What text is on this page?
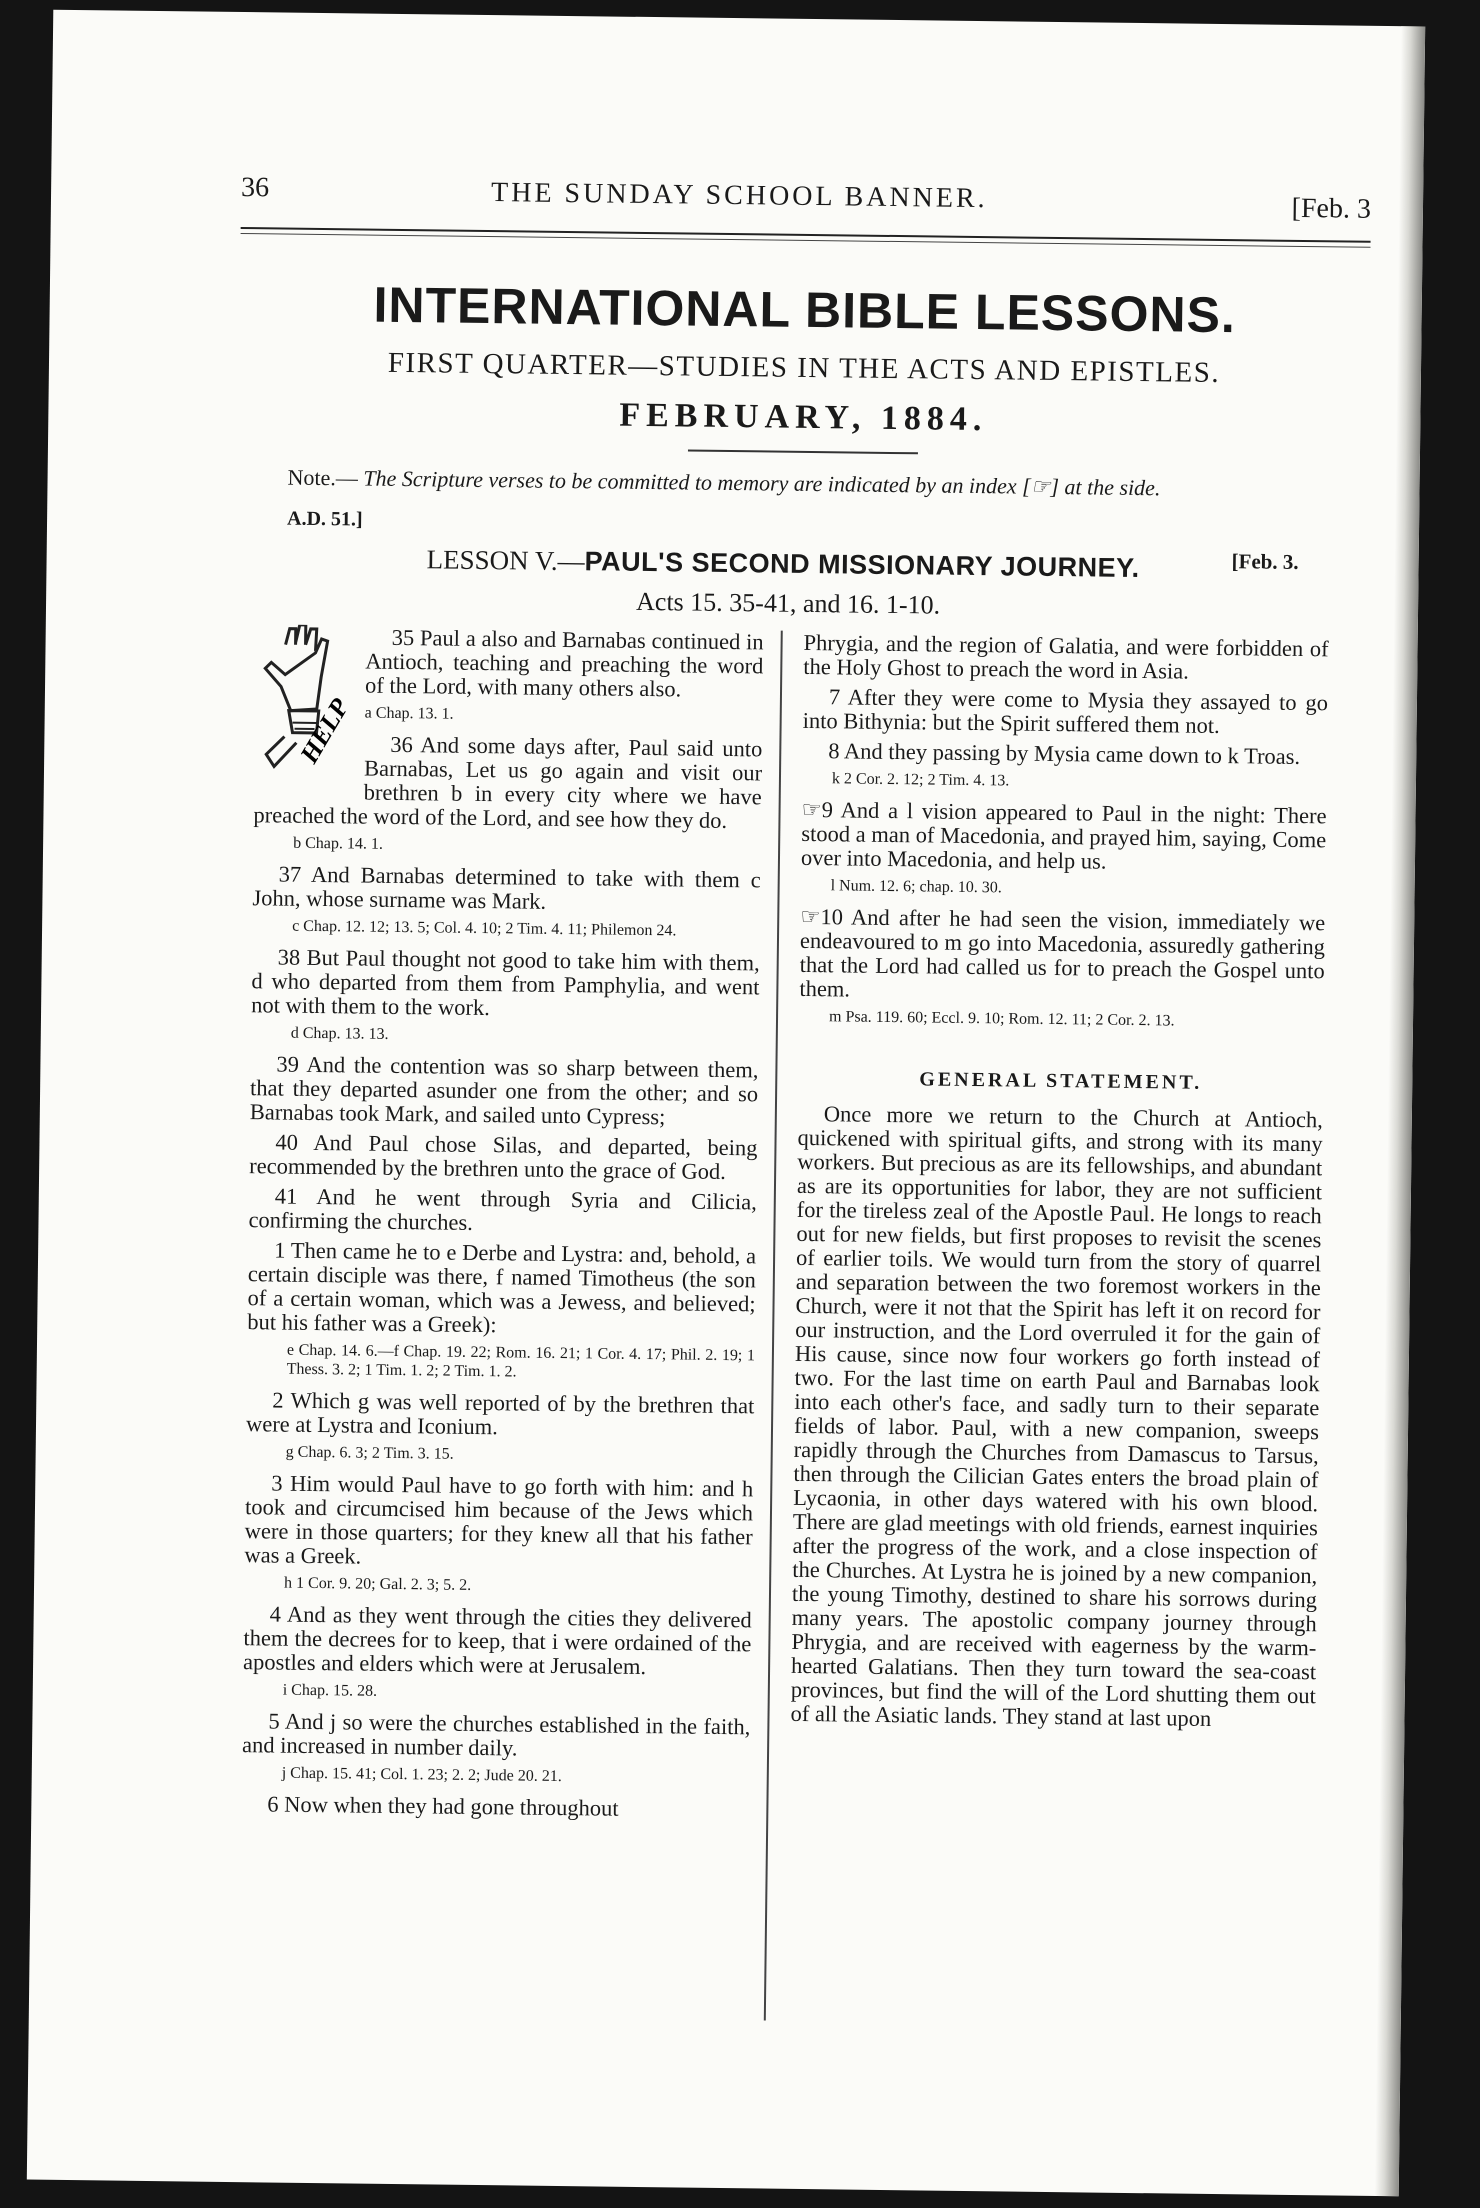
36	THE SUNDAY SCHOOL BANNER.	[Feb. 3
INTERNATIONAL BIBLE LESSONS.
FIRST QUARTER—STUDIES IN THE ACTS AND EPISTLES.
FEBRUARY, 1884.
Note.— The Scripture verses to be committed to memory are indicated by an index [☞] at the side.
A.D. 51.]
LESSON V.—PAUL'S SECOND MISSIONARY JOURNEY.	[Feb. 3.
Acts 15. 35-41, and 16. 1-10.
HELP

35 Paul a also and Barnabas continued in Antioch, teaching and preaching the word of the Lord, with many others also.

a Chap. 13. 1.

36 And some days after, Paul said unto Barnabas, Let us go again and visit our brethren b in every city where we have preached the word of the Lord, and see how they do.

b Chap. 14. 1.

37 And Barnabas determined to take with them c John, whose surname was Mark.

c Chap. 12. 12; 13. 5; Col. 4. 10; 2 Tim. 4. 11; Philemon 24.

38 But Paul thought not good to take him with them, d who departed from them from Pamphylia, and went not with them to the work.

d Chap. 13. 13.

39 And the contention was so sharp between them, that they departed asunder one from the other; and so Barnabas took Mark, and sailed unto Cypress;

40 And Paul chose Silas, and departed, being recommended by the brethren unto the grace of God.

41 And he went through Syria and Cilicia, confirming the churches.

1 Then came he to e Derbe and Lystra: and, behold, a certain disciple was there, f named Timotheus (the son of a certain woman, which was a Jewess, and believed; but his father was a Greek):

e Chap. 14. 6.—f Chap. 19. 22; Rom. 16. 21; 1 Cor. 4. 17; Phil. 2. 19; 1 Thess. 3. 2; 1 Tim. 1. 2; 2 Tim. 1. 2.

2 Which g was well reported of by the brethren that were at Lystra and Iconium.

g Chap. 6. 3; 2 Tim. 3. 15.

3 Him would Paul have to go forth with him: and h took and circumcised him because of the Jews which were in those quarters; for they knew all that his father was a Greek.

h 1 Cor. 9. 20; Gal. 2. 3; 5. 2.

4 And as they went through the cities they delivered them the decrees for to keep, that i were ordained of the apostles and elders which were at Jerusalem.

i Chap. 15. 28.

5 And j so were the churches established in the faith, and increased in number daily.

j Chap. 15. 41; Col. 1. 23; 2. 2; Jude 20. 21.

6 Now when they had gone throughout

Phrygia, and the region of Galatia, and were forbidden of the Holy Ghost to preach the word in Asia.

7 After they were come to Mysia they assayed to go into Bithynia: but the Spirit suffered them not.

8 And they passing by Mysia came down to k Troas.

k 2 Cor. 2. 12; 2 Tim. 4. 13.

☞9 And a l vision appeared to Paul in the night: There stood a man of Macedonia, and prayed him, saying, Come over into Macedonia, and help us.

l Num. 12. 6; chap. 10. 30.

☞10 And after he had seen the vision, immediately we endeavoured to m go into Macedonia, assuredly gathering that the Lord had called us for to preach the Gospel unto them.

m Psa. 119. 60; Eccl. 9. 10; Rom. 12. 11; 2 Cor. 2. 13.

GENERAL STATEMENT.

Once more we return to the Church at Antioch, quickened with spiritual gifts, and strong with its many workers. But precious as are its fellowships, and abundant as are its opportunities for labor, they are not sufficient for the tireless zeal of the Apostle Paul. He longs to reach out for new fields, but first proposes to revisit the scenes of earlier toils. We would turn from the story of quarrel and separation between the two foremost workers in the Church, were it not that the Spirit has left it on record for our instruction, and the Lord overruled it for the gain of His cause, since now four workers go forth instead of two. For the last time on earth Paul and Barnabas look into each other's face, and sadly turn to their separate fields of labor. Paul, with a new companion, sweeps rapidly through the Churches from Damascus to Tarsus, then through the Cilician Gates enters the broad plain of Lycaonia, in other days watered with his own blood. There are glad meetings with old friends, earnest inquiries after the progress of the work, and a close inspection of the Churches. At Lystra he is joined by a new companion, the young Timothy, destined to share his sorrows during many years. The apostolic company journey through Phrygia, and are received with eagerness by the warm-hearted Galatians. Then they turn toward the sea-coast provinces, but find the will of the Lord shutting them out of all the Asiatic lands. They stand at last upon
